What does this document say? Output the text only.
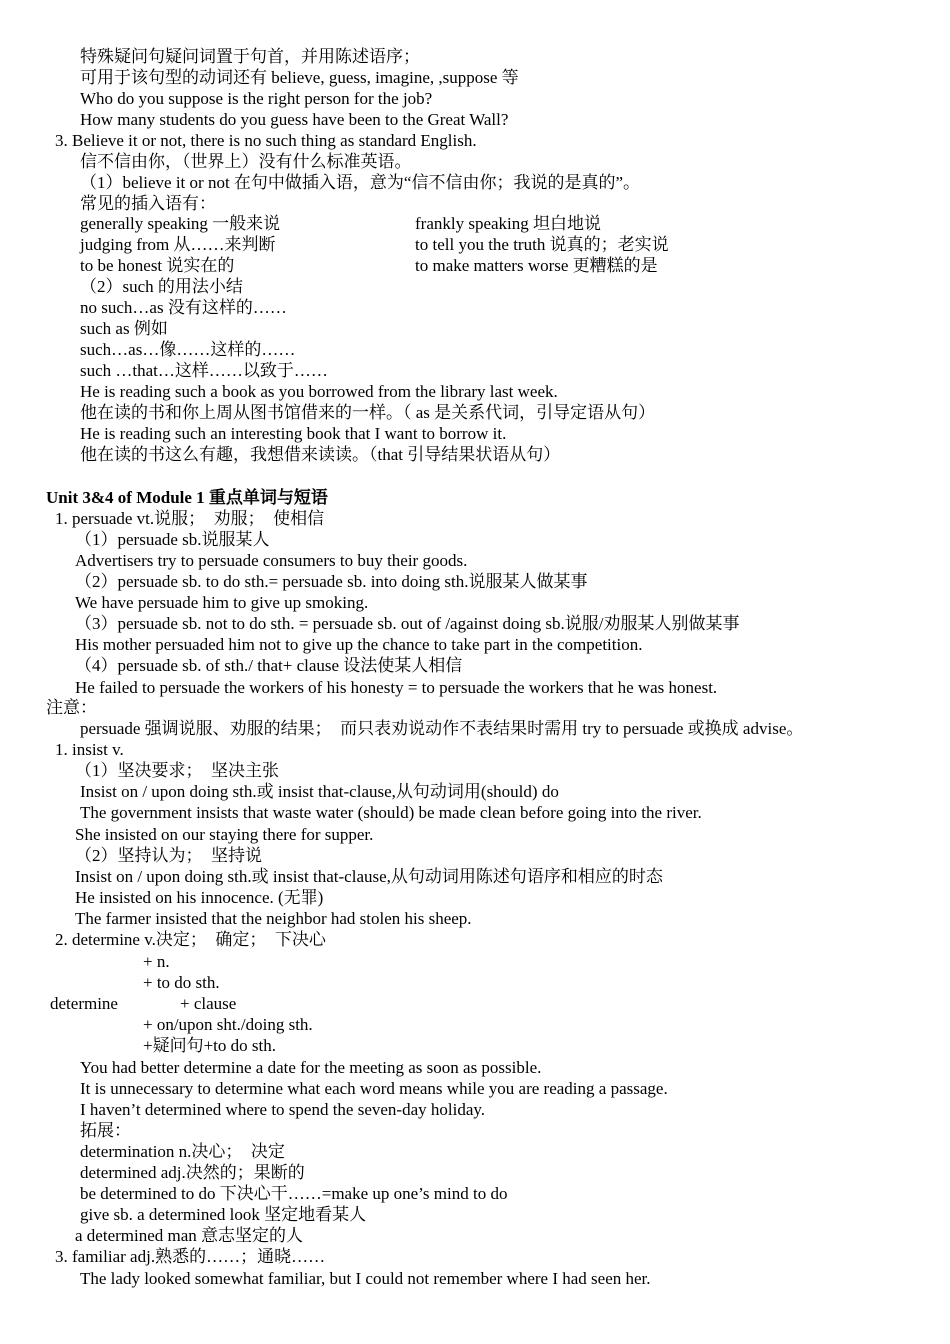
特殊疑问句疑问词置于句首，并用陈述语序；
可用于该句型的动词还有 believe, guess, imagine, ,suppose 等
Who do you suppose is the right person for the job?
How many students do you guess have been to the Great Wall?
3. Believe it or not, there is no such thing as standard English.
信不信由你，（世界上）没有什么标准英语。
（1）believe it or not 在句中做插入语，意为“信不信由你；我说的是真的”。
常见的插入语有：
generally speaking 一般来说	frankly speaking 坦白地说
judging from 从……来判断	to tell you the truth 说真的；老实说
to be honest 说实在的	to make matters worse 更糟糕的是
（2）such 的用法小结
no such…as 没有这样的……
such as 例如
such…as…像……这样的……
such …that…这样……以致于……
He is reading such a book as you borrowed from the library last week.
他在读的书和你上周从图书馆借来的一样。（ as 是关系代词，引导定语从句）
He is reading such an interesting book that I want to borrow it.
他在读的书这么有趣，我想借来读读。（that 引导结果状语从句）
Unit 3&4 of Module 1 重点单词与短语
1. persuade vt.说服；　劝服；　使相信
（1）persuade sb.说服某人
Advertisers try to persuade consumers to buy their goods.
（2）persuade sb. to do sth.= persuade sb. into doing sth.说服某人做某事
We have persuade him to give up smoking.
（3）persuade sb. not to do sth. = persuade sb. out of /against doing sb.说服/劝服某人别做某事
His mother persuaded him not to give up the chance to take part in the competition.
（4）persuade sb. of sth./ that+ clause 设法使某人相信
He failed to persuade the workers of his honesty = to persuade the workers that he was honest.
注意：
persuade 强调说服、劝服的结果；　而只表劝说动作不表结果时需用 try to persuade 或换成 advise。
1. insist v.
（1）坚决要求；　坚决主张
Insist on / upon doing sth.或 insist that-clause,从句动词用(should) do
The government insists that waste water (should) be made clean before going into the river.
She insisted on our staying there for supper.
（2）坚持认为；　坚持说
Insist on / upon doing sth.或 insist that-clause,从句动词用陈述句语序和相应的时态
He insisted on his innocence. (无罪)
The farmer insisted that the neighbor had stolen his sheep.
2. determine v.决定；　确定；　下决心
+ n.
+ to do sth.
determine	+ clause
+ on/upon sht./doing sth.
+疑问句+to do sth.
You had better determine a date for the meeting as soon as possible.
It is unnecessary to determine what each word means while you are reading a passage.
I haven’t determined where to spend the seven-day holiday.
拓展：
determination n.决心；　决定
determined adj.决然的；果断的
be determined to do 下决心干……=make up one’s mind to do
give sb. a determined look 坚定地看某人
a determined man 意志坚定的人
3. familiar adj.熟悉的……；通晓……
The lady looked somewhat familiar, but I could not remember where I had seen her.
